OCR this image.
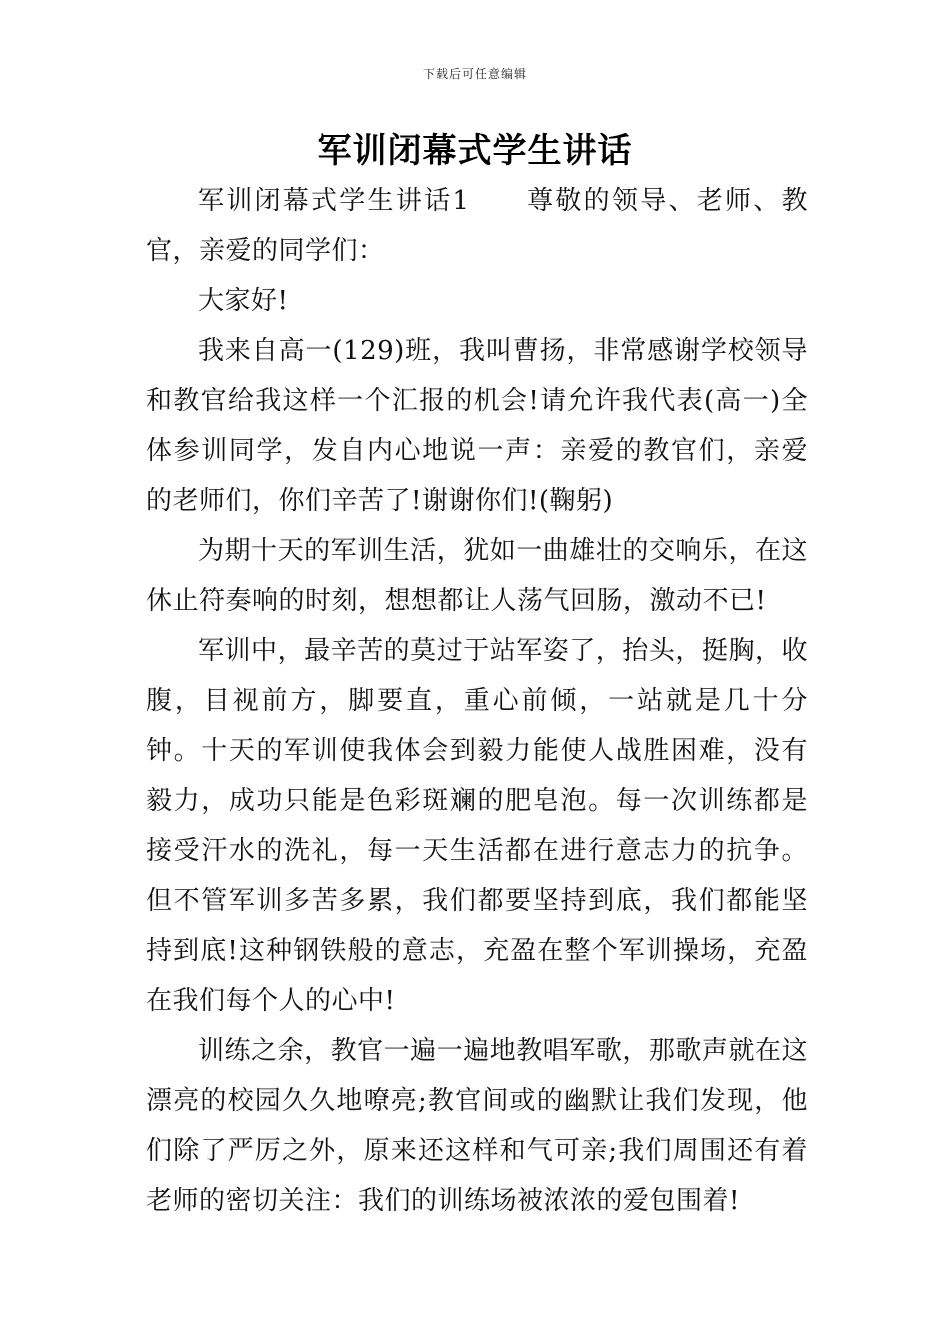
下载后可任意编辑
军训闭幕式学生讲话

军训闭幕式学生讲话1 尊敬的领导、老师、教官，亲爱的同学们：

大家好!

我来自高一(129)班，我叫曹扬，非常感谢学校领导和教官给我这样一个汇报的机会!请允许我代表(高一)全体参训同学，发自内心地说一声：亲爱的教官们，亲爱的老师们，你们辛苦了!谢谢你们!(鞠躬)

为期十天的军训生活，犹如一曲雄壮的交响乐，在这休止符奏响的时刻，想想都让人荡气回肠，激动不已!

军训中，最辛苦的莫过于站军姿了，抬头，挺胸，收腹，目视前方，脚要直，重心前倾，一站就是几十分钟。十天的军训使我体会到毅力能使人战胜困难，没有毅力，成功只能是色彩斑斓的肥皂泡。每一次训练都是接受汗水的洗礼，每一天生活都在进行意志力的抗争。但不管军训多苦多累，我们都要坚持到底，我们都能坚持到底!这种钢铁般的意志，充盈在整个军训操场，充盈在我们每个人的心中!

训练之余，教官一遍一遍地教唱军歌，那歌声就在这漂亮的校园久久地嘹亮;教官间或的幽默让我们发现，他们除了严厉之外，原来还这样和气可亲;我们周围还有着老师的密切关注：我们的训练场被浓浓的爱包围着!
